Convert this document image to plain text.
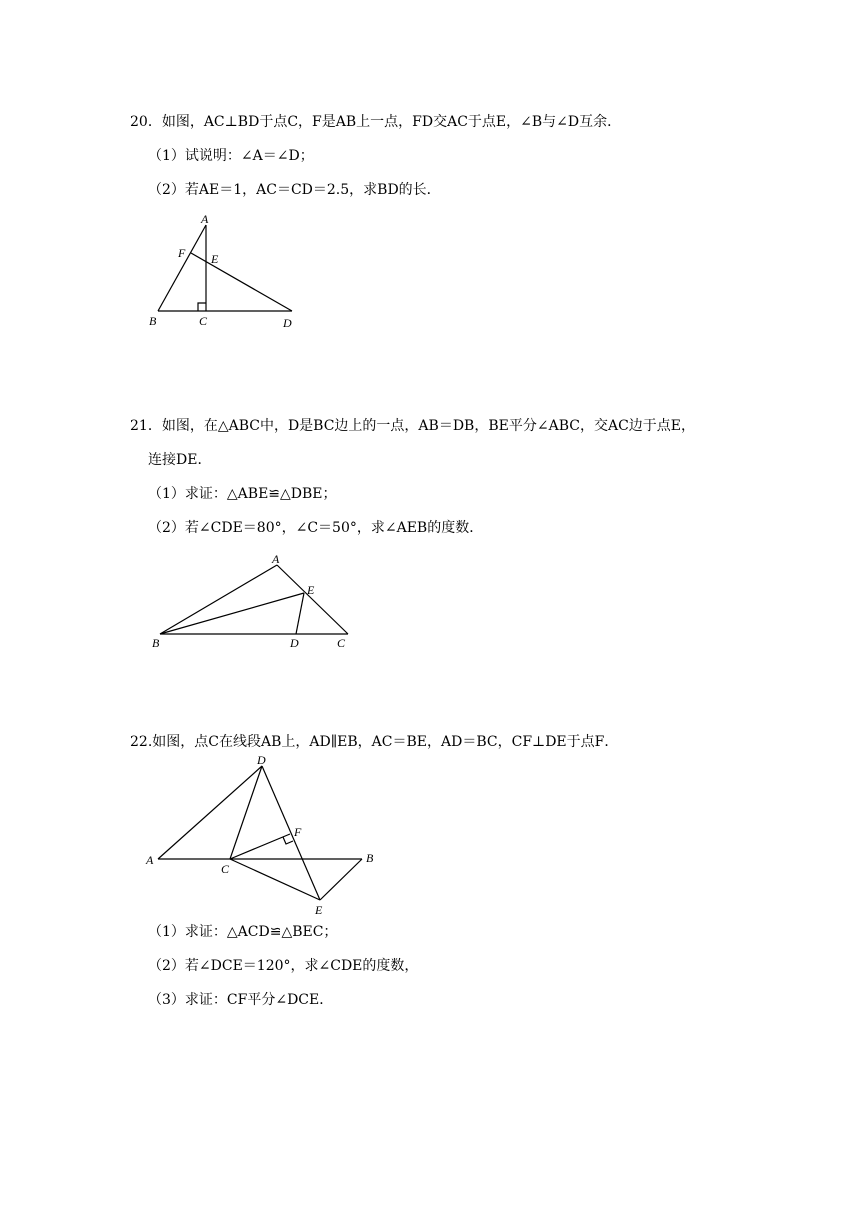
20．如图，AC⊥BD于点C，F是AB上一点，FD交AC于点E，∠B与∠D互余．
（1）试说明：∠A＝∠D；
（2）若AE＝1，AC＝CD＝2.5，求BD的长．
A
F E
B	C	D
21．如图，在△ABC中，D是BC边上的一点，AB＝DB，BE平分∠ABC，交AC边于点E，
连接DE．
（1）求证：△ABE≌△DBE；
（2）若∠CDE＝80°，∠C＝50°，求∠AEB的度数．
A
E
B	D	C
22.如图，点C在线段AB上，AD∥EB，AC＝BE，AD＝BC，CF⊥DE于点F．
D
F
A
C
B
E
（1）求证：△ACD≌△BEC；
（2）若∠DCE＝120°，求∠CDE的度数，
（3）求证：CF平分∠DCE．
